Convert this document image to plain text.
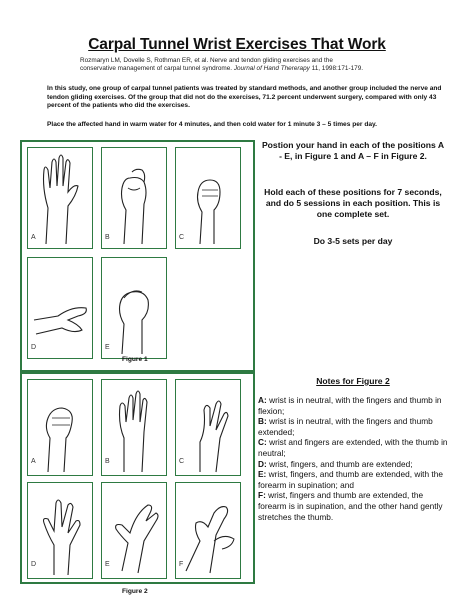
Carpal Tunnel Wrist Exercises That Work
Rozmaryn LM, Dovelle S, Rothman ER, et al. Nerve and tendon gliding exercises and the
conservative management of carpal tunnel syndrome. Journal of Hand Thererapy 11, 1998:171-179.
In this study, one group of carpal tunnel patients was treated by standard methods, and another group included the nerve and tendon gliding exercises. Of the group that did not do the exercises, 71.2 percent underwent surgery, compared with only 43 percent of the patients who did the exercises.
Place the affected hand in warm water for 4 minutes, and then cold water for 1 minute 3 – 5 times per day.
A	B	C
D	E
Figure 1
A	B	C
D	E	F
Figure 2
Postion your hand in each of the positions A - E, in Figure 1 and A – F in Figure 2.
Hold each of these positions for 7 seconds, and do 5 sessions in each position. This is one complete set.
Do 3-5 sets per day
Notes for Figure 2

A: wrist is in neutral, with the fingers and thumb in flexion;

B: wrist is in neutral, with the fingers and thumb extended;

C: wrist and fingers are extended, with the thumb in neutral;

D: wrist, fingers, and thumb are extended;

E: wrist, fingers, and thumb are extended, with the forearm in supination; and

F: wrist, fingers and thumb are extended, the forearm is in supination, and the other hand gently stretches the thumb.
